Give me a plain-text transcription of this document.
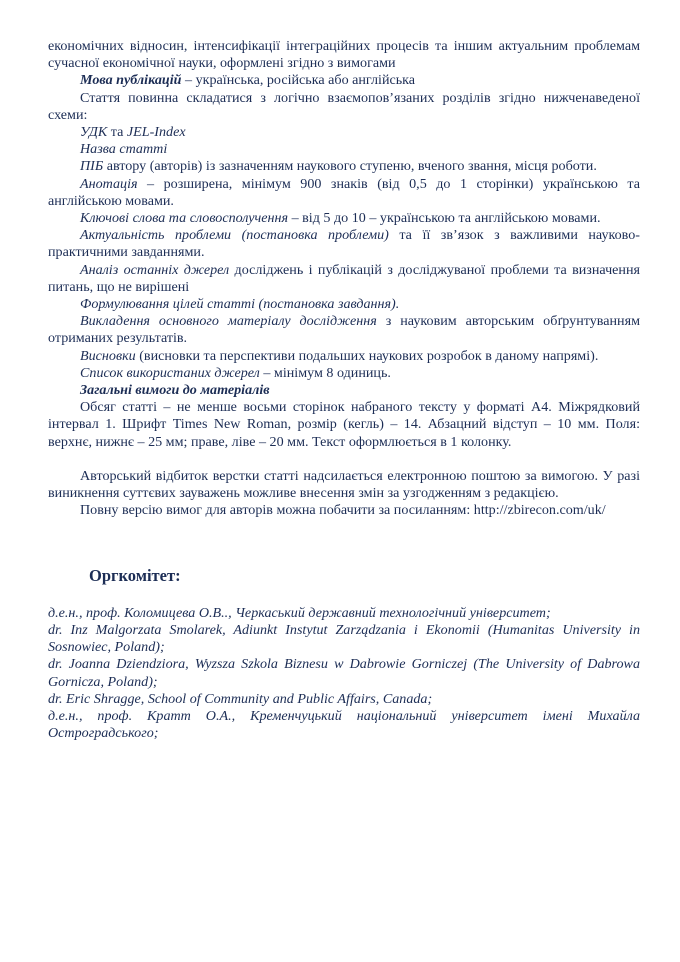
економічних відносин, інтенсифікації інтеграційних процесів та іншим актуальним проблемам сучасної економічної науки, оформлені згідно з вимогами

Мова публікацій – українська, російська або англійська

Стаття повинна складатися з логічно взаємопов’язаних розділів згідно нижченаведеної схеми:

УДК та JEL-Index

Назва статті

ПІБ автору (авторів) із зазначенням наукового ступеню, вченого звання, місця роботи.

Анотація – розширена, мінімум 900 знаків (від 0,5 до 1 сторінки) українською та англійською мовами.

Ключові слова та словосполучення – від 5 до 10 – українською та англійською мовами.

Актуальність проблеми (постановка проблеми) та її зв’язок з важливими науково-практичними завданнями.

Аналіз останніх джерел досліджень і публікацій з досліджуваної проблеми та визначення питань, що не вирішені

Формулювання цілей статті (постановка завдання).

Викладення основного матеріалу дослідження з науковим авторським обґрунтуванням отриманих результатів.

Висновки (висновки та перспективи подальших наукових розробок в даному напрямі).

Список використаних джерел – мінімум 8 одиниць.

Загальні вимоги до матеріалів

Обсяг статті – не менше восьми сторінок набраного тексту у форматі А4. Міжрядковий інтервал 1. Шрифт Times New Roman, розмір (кегль) – 14. Абзацний відступ – 10 мм. Поля: верхнє, нижнє – 25 мм; праве, ліве – 20 мм. Текст оформлюється в 1 колонку.

Авторський відбиток верстки статті надсилається електронною поштою за вимогою. У разі виникнення суттєвих зауважень можливе внесення змін за узгодженням з редакцією.

Повну версію вимог для авторів можна побачити за посиланням: http://zbirecon.com/uk/

Оргкомітет:

д.е.н., проф. Коломицева О.В.., Черкаський державний технологічний університет;

dr. Inz Malgorzata Smolarek, Adiunkt Instytut Zarządzania i Ekonomii (Humanitas University in Sosnowiec, Poland);

dr. Joanna Dziendziora, Wyzsza Szkola Biznesu w Dabrowie Gorniczej (The University of Dabrowa Gornicza, Poland);

dr. Eric Shragge, School of Community and Public Affairs, Canada;

д.е.н., проф. Кратт О.А., Кременчуцький національний університет імені Михайла Остроградського;
